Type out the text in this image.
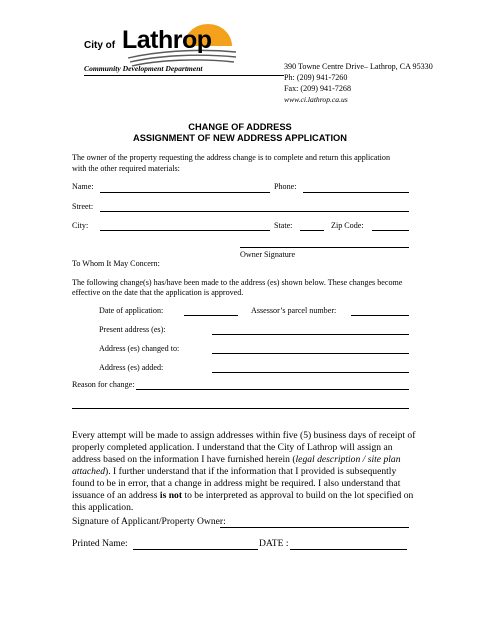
City of Lathrop
Community Development Department	390 Towne Centre Drive– Lathrop, CA 95330
Ph: (209) 941-7260
Fax: (209) 941-7268
www.ci.lathrop.ca.us
CHANGE OF ADDRESS
ASSIGNMENT OF NEW ADDRESS APPLICATION
The owner of the property requesting the address change is to complete and return this application
with the other required materials:
Name:	Phone:
Street:
City:	State:	Zip Code:
Owner Signature
To Whom It May Concern:
The following change(s) has/have been made to the address (es) shown below. These changes become
effective on the date that the application is approved.
Date of application:	Assessor’s parcel number:
Present address (es):
Address (es) changed to:
Address (es) added:
Reason for change:
Every attempt will be made to assign addresses within five (5) business days of receipt of
properly completed application. I understand that the City of Lathrop will assign an
address based on the information I have furnished herein (legal description / site plan
attached). I further understand that if the information that I provided is subsequently
found to be in error, that a change in address might be required. I also understand that
issuance of an address is not to be interpreted as approval to build on the lot specified on
this application.
Signature of Applicant/Property Owner:
Printed Name:	DATE :
